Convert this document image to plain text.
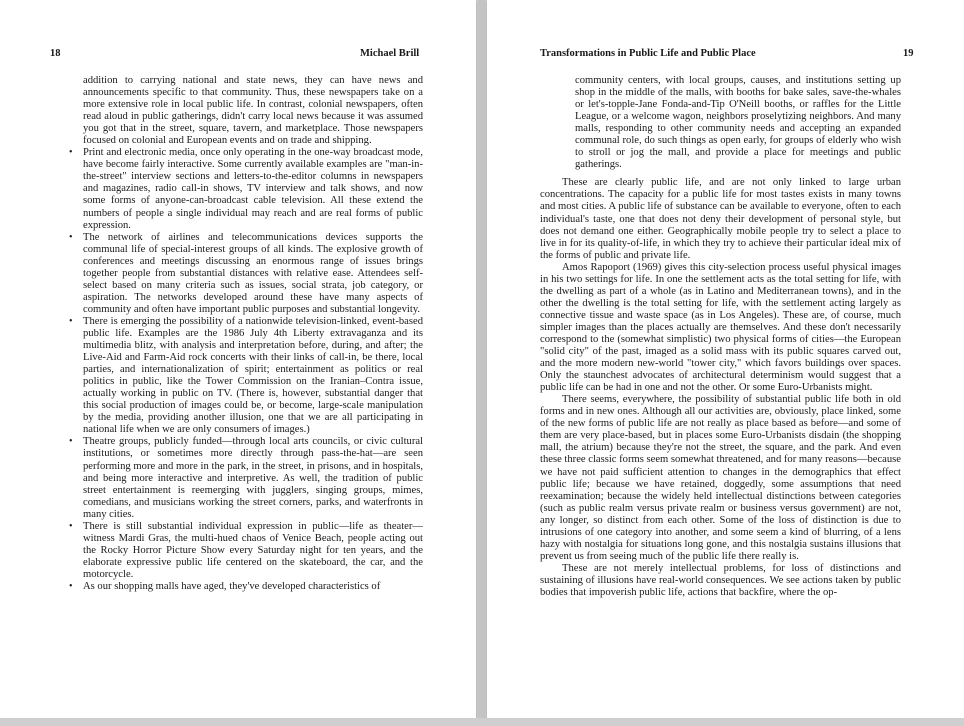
18	Michael Brill

addition to carrying national and state news, they can have news and announcements specific to that community. Thus, these newspapers take on a more extensive role in local public life. In contrast, colonial newspapers, often read aloud in public gatherings, didn't carry local news because it was assumed you got that in the street, square, tavern, and marketplace. Those newspapers focused on colonial and European events and on trade and shipping.

• Print and electronic media, once only operating in the one-way broadcast mode, have become fairly interactive. Some currently available examples are "man-in-the-street" interview sections and letters-to-the-editor columns in newspapers and magazines, radio call-in shows, TV interview and talk shows, and now some forms of anyone-can-broadcast cable television. All these extend the numbers of people a single individual may reach and are real forms of public expression.

• The network of airlines and telecommunications devices supports the communal life of special-interest groups of all kinds. The explosive growth of conferences and meetings discussing an enormous range of issues brings together people from substantial distances with relative ease. Attendees self-select based on many criteria such as issues, social strata, job category, or aspiration. The networks developed around these have many aspects of community and often have important public purposes and substantial longevity.

• There is emerging the possibility of a nationwide television-linked, event-based public life. Examples are the 1986 July 4th Liberty extravaganza and its multimedia blitz, with analysis and interpretation before, during, and after; the Live-Aid and Farm-Aid rock concerts with their links of call-in, be there, local parties, and internationalization of spirit; entertainment as politics or real politics in public, like the Tower Commission on the Iranian–Contra issue, actually working in public on TV. (There is, however, substantial danger that this social production of images could be, or become, large-scale manipulation by the media, providing another illusion, one that we are all participating in national life when we are only consumers of images.)

• Theatre groups, publicly funded—through local arts councils, or civic cultural institutions, or sometimes more directly through pass-the-hat—are seen performing more and more in the park, in the street, in prisons, and in hospitals, and being more interactive and interpretive. As well, the tradition of public street entertainment is reemerging with jugglers, singing groups, mimes, comedians, and musicians working the street corners, parks, and waterfronts in many cities.

• There is still substantial individual expression in public—life as theater—witness Mardi Gras, the multi-hued chaos of Venice Beach, people acting out the Rocky Horror Picture Show every Saturday night for ten years, and the elaborate expressive public life centered on the skateboard, the car, and the motorcycle.

• As our shopping malls have aged, they've developed characteristics of

Transformations in Public Life and Public Place	19

community centers, with local groups, causes, and institutions setting up shop in the middle of the malls, with booths for bake sales, save-the-whales or let's-topple-Jane Fonda-and-Tip O'Neill booths, or raffles for the Little League, or a welcome wagon, neighbors proselytizing neighbors. And many malls, responding to other community needs and accepting an expanded communal role, do such things as open early, for groups of elderly who wish to stroll or jog the mall, and provide a place for meetings and public gatherings.

These are clearly public life, and are not only linked to large urban concentrations. The capacity for a public life for most tastes exists in many towns and most cities. A public life of substance can be available to everyone, often to each individual's taste, one that does not deny their development of personal style, but does not demand one either. Geographically mobile people try to select a place to live in for its quality-of-life, in which they try to achieve their particular ideal mix of the forms of public and private life.

Amos Rapoport (1969) gives this city-selection process useful physical images in his two settings for life. In one the settlement acts as the total setting for life, with the dwelling as part of a whole (as in Latino and Mediterranean towns), and in the other the dwelling is the total setting for life, with the settlement acting largely as connective tissue and waste space (as in Los Angeles). These are, of course, much simpler images than the places actually are themselves. And these don't necessarily correspond to the (somewhat simplistic) two physical forms of cities—the European "solid city" of the past, imaged as a solid mass with its public squares carved out, and the more modern new-world "tower city," which favors buildings over spaces. Only the staunchest advocates of architectural determinism would suggest that a public life can be had in one and not the other. Or some Euro-Urbanists might.

There seems, everywhere, the possibility of substantial public life both in old forms and in new ones. Although all our activities are, obviously, place linked, some of the new forms of public life are not really as place based as before—and some of them are very place-based, but in places some Euro-Urbanists disdain (the shopping mall, the atrium) because they're not the street, the square, and the park. And even these three classic forms seem somewhat threatened, and for many reasons—because we have not paid sufficient attention to changes in the demographics that effect public life; because we have retained, doggedly, some assumptions that need reexamination; because the widely held intellectual distinctions between categories (such as public realm versus private realm or business versus government) are not, any longer, so distinct from each other. Some of the loss of distinction is due to intrusions of one category into another, and some seem a kind of blurring, of a lens hazy with nostalgia for situations long gone, and this nostalgia sustains illusions that prevent us from seeing much of the public life there really is.

These are not merely intellectual problems, for loss of distinctions and sustaining of illusions have real-world consequences. We see actions taken by public bodies that impoverish public life, actions that backfire, where the op-
